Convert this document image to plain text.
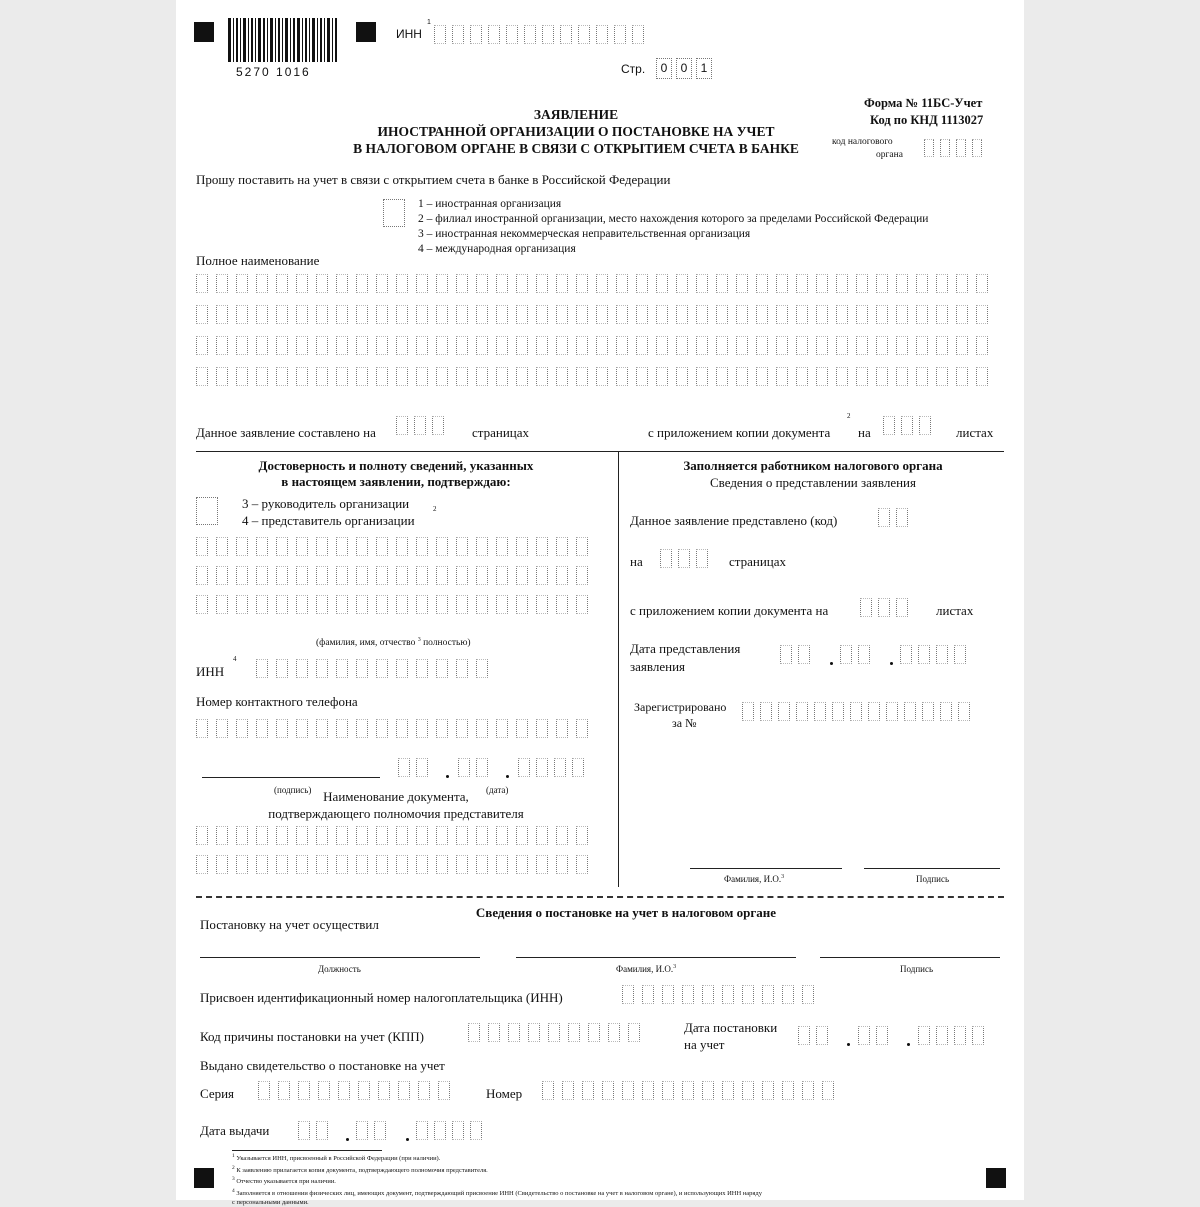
5270 1016
ИНН
1
Стр.	0	0	1
Форма № 11БС-Учет
Код по КНД 1113027
код налогового
органа
ЗАЯВЛЕНИЕ
ИНОСТРАННОЙ ОРГАНИЗАЦИИ О ПОСТАНОВКЕ НА УЧЕТ
В НАЛОГОВОМ ОРГАНЕ В СВЯЗИ С ОТКРЫТИЕМ СЧЕТА В БАНКЕ
Прошу поставить на учет в связи с открытием счета в банке в Российской Федерации
1 – иностранная организация
2 – филиал иностранной организации, место нахождения которого за пределами Российской Федерации
3 – иностранная некоммерческая неправительственная организация
4 – международная организация
Полное наименование
Данное заявление составлено на	страницах	с приложением копии документа
2
на	листах
Достоверность и полноту сведений, указанных
в настоящем заявлении, подтверждаю:
3 – руководитель организации
4 – представитель организации
2
(фамилия, имя, отчество $^3$ полностью)
ИНН
4
Номер контактного телефона
(подпись)	(дата)
Наименование документа,
подтверждающего полномочия представителя
Заполняется работником налогового органа
Сведения о представлении заявления
Данное заявление представлено (код)
на	страницах
с приложением копии документа на	листах
Дата представления
заявления
Зарегистрировано
за №
Фамилия, И.О.$^3$	Подпись
Сведения о постановке на учет в налоговом органе
Постановку на учет осуществил
Должность	Фамилия, И.О.$^3$	Подпись
Присвоен идентификационный номер налогоплательщика (ИНН)
Код причины постановки на учет (КПП)
Дата постановки
на учет
Выдано свидетельство о постановке на учет
Серия	Номер
Дата выдачи
$^1$ Указывается ИНН, присвоенный в Российской Федерации (при наличии).
$^2$ К заявлению прилагается копия документа, подтверждающего полномочия представителя.
$^3$ Отчество указывается при наличии.
$^4$ Заполняется в отношении физических лиц, имеющих документ, подтверждающий присвоение ИНН (Свидетельство о постановке на учет в налоговом органе), и использующих ИНН наряду
с персональными данными.
